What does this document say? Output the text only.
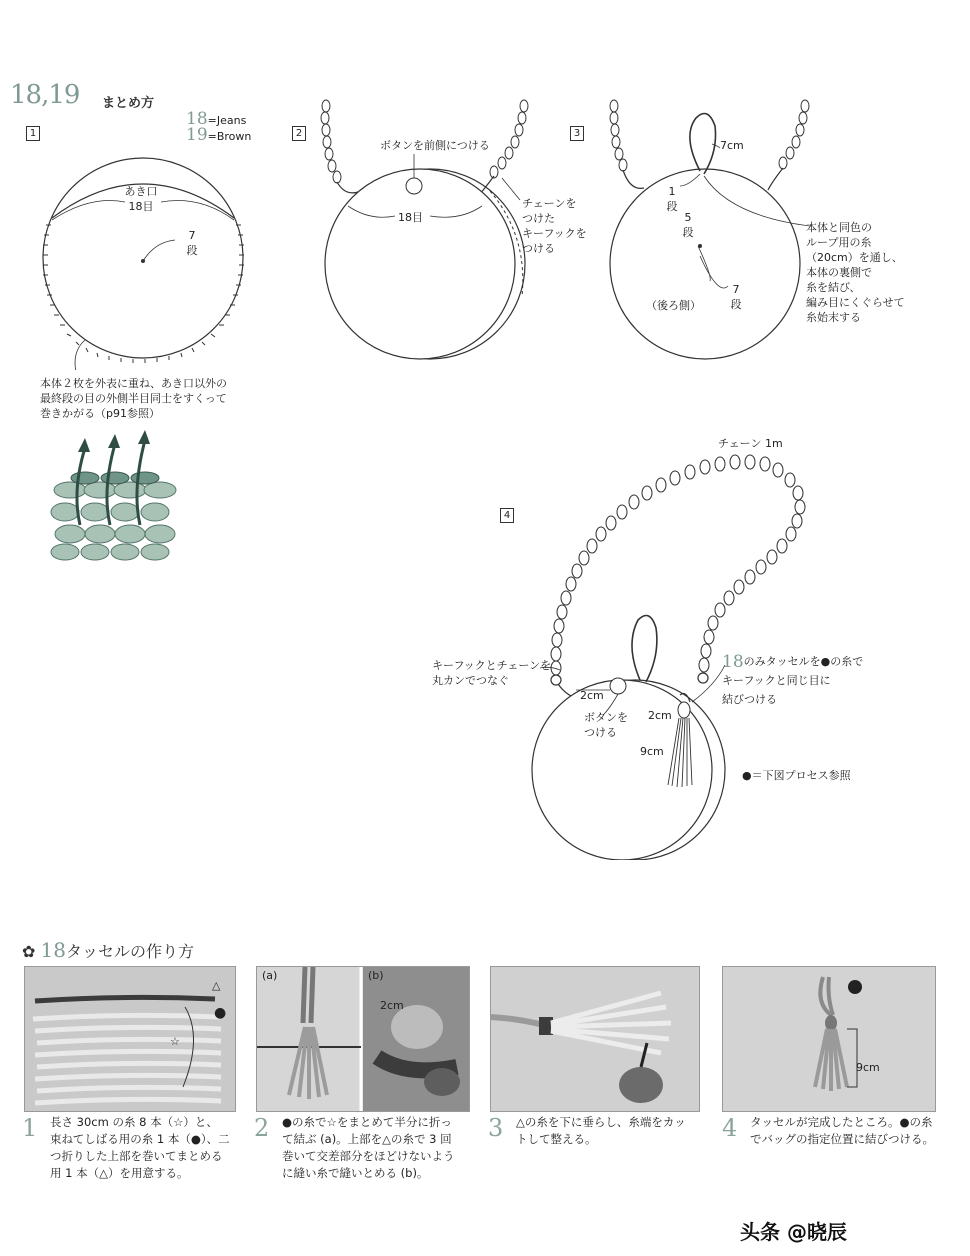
18,19 まとめ方
18=Jeans
19=Brown
1
あき口
18目
7
段
本体２枚を外表に重ね、あき口以外の
最終段の目の外側半目同士をすくって
巻きかがる（p91参照）
2
ボタンを前側につける
18目
チェーンを
つけた
キーフックを
つける
3
7cm
1
段
5
段
7
段
（後ろ側）
本体と同色の
ループ用の糸
（20cm）を通し、
本体の裏側で
糸を結び、
編み目にくぐらせて
糸始末する
4
チェーン 1m
キーフックとチェーンを
丸カンでつなぐ
18のみタッセルを●の糸で
キーフックと同じ目に
結びつける
2cm
ボタンを
つける
2cm
9cm
●＝下図プロセス参照
✿ 18タッセルの作り方
△
●
☆
(a)	(b)
2cm
9cm
1 長さ 30cm の糸 8 本（☆）と、
束ねてしばる用の糸 1 本（●）、二
つ折りした上部を巻いてまとめる
用 1 本（△）を用意する。
2 ●の糸で☆をまとめて半分に折っ
て結ぶ (a)。上部を△の糸で 3 回
巻いて交差部分をほどけないよう
に縫い糸で縫いとめる (b)。
3 △の糸を下に垂らし、糸端をカッ
トして整える。	4 タッセルが完成したところ。●の糸
でバッグの指定位置に結びつける。
头条 @晓辰
